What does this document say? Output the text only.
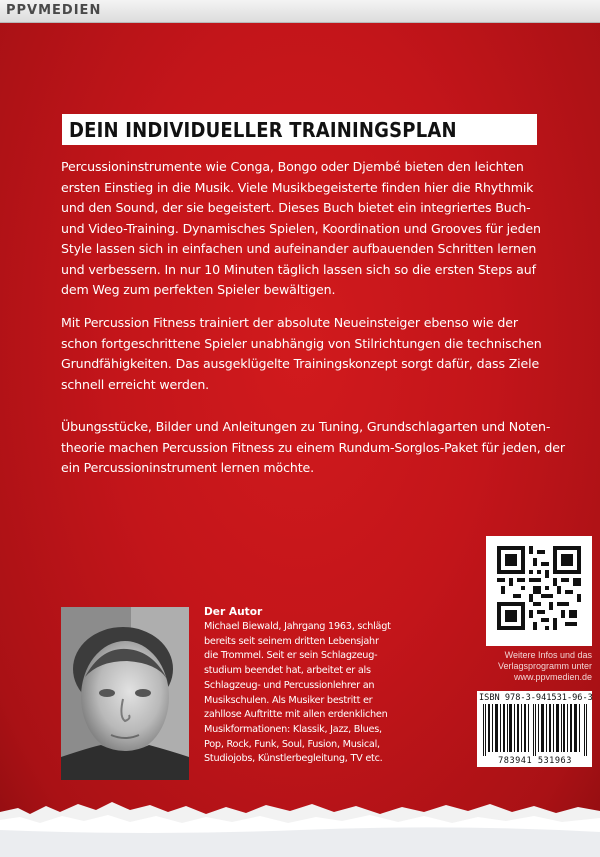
PPVMEDIEN
DEIN INDIVIDUELLER TRAININGSPLAN
Percussioninstrumente wie Conga, Bongo oder Djembé bieten den leichten
ersten Einstieg in die Musik. Viele Musikbegeisterte finden hier die Rhythmik
und den Sound, der sie begeistert. Dieses Buch bietet ein integriertes Buch-
und Video-Training. Dynamisches Spielen, Koordination und Grooves für jeden
Style lassen sich in einfachen und aufeinander aufbauenden Schritten lernen
und verbessern. In nur 10 Minuten täglich lassen sich so die ersten Steps auf
dem Weg zum perfekten Spieler bewältigen.
Mit Percussion Fitness trainiert der absolute Neueinsteiger ebenso wie der
schon fortgeschrittene Spieler unabhängig von Stilrichtungen die technischen
Grundfähigkeiten. Das ausgeklügelte Trainingskonzept sorgt dafür, dass Ziele
schnell erreicht werden.
Übungsstücke, Bilder und Anleitungen zu Tuning, Grundschlagarten und Noten-
theorie machen Percussion Fitness zu einem Rundum-Sorglos-Paket für jeden, der
ein Percussioninstrument lernen möchte.
Weitere Infos und das
Verlagsprogramm unter
www.ppvmedien.de
ISBN 978-3-941531-96-3
783941 531963
Der Autor
Michael Biewald, Jahrgang 1963, schlägt
bereits seit seinem dritten Lebensjahr
die Trommel. Seit er sein Schlagzeug-
studium beendet hat, arbeitet er als
Schlagzeug- und Percussionlehrer an
Musikschulen. Als Musiker bestritt er
zahllose Auftritte mit allen erdenklichen
Musikformationen: Klassik, Jazz, Blues,
Pop, Rock, Funk, Soul, Fusion, Musical,
Studiojobs, Künstlerbegleitung, TV etc.
